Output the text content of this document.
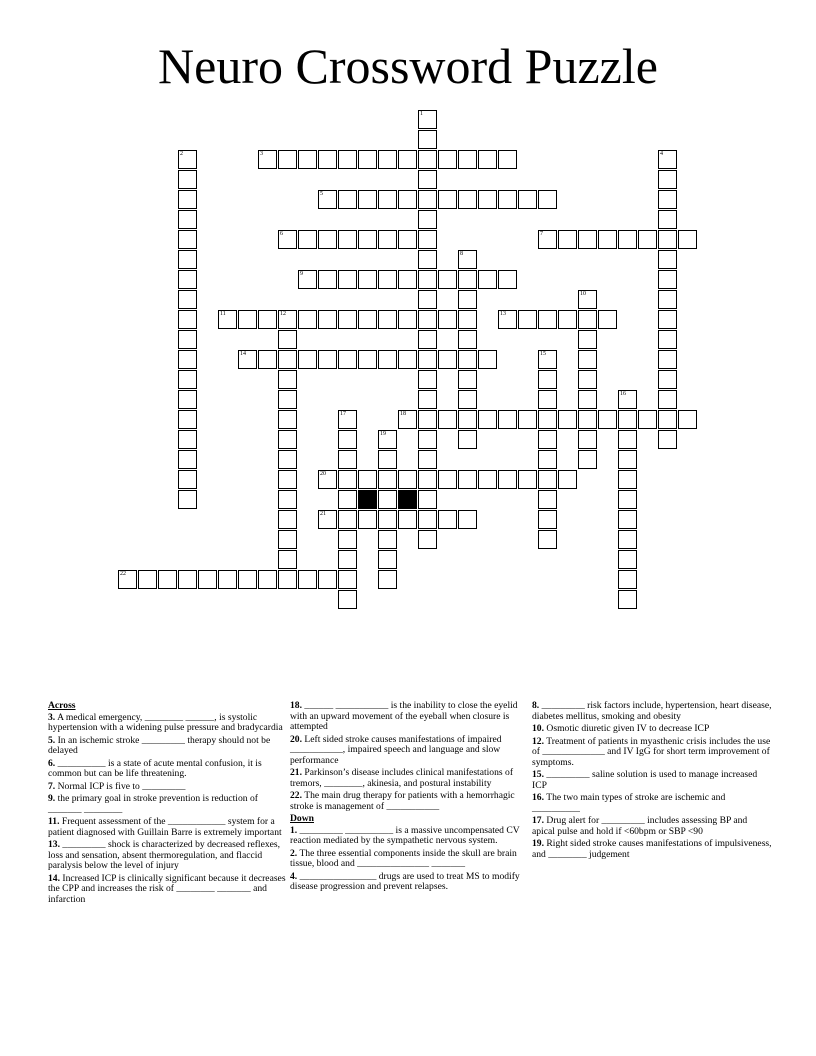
Neuro Crossword Puzzle
1
2	3	4
5
6	7
8
9
10
11	12	13
14	15
16
17	18
19
20
21
22
Across
3. A medical emergency, ________ ______, is systolic hypertension with a widening pulse pressure and bradycardia
5. In an ischemic stroke _________ therapy should not be delayed
6. __________ is a state of acute mental confusion, it is common but can be life threatening.
7. Normal ICP is five to _________
9. the primary goal in stroke prevention is reduction of _______ ________
11. Frequent assessment of the ____________ system for a patient diagnosed with Guillain Barre is extremely important
13. _________ shock is characterized by decreased reflexes, loss and sensation, absent thermoregulation, and flaccid paralysis below the level of injury
14. Increased ICP is clinically significant because it decreases the CPP and increases the risk of ________ _______ and infarction
18. ______ ___________ is the inability to close the eyelid with an upward movement of the eyeball when closure is attempted
20. Left sided stroke causes manifestations of impaired ___________, impaired speech and language and slow performance
21. Parkinson’s disease includes clinical manifestations of tremors, ________, akinesia, and postural instability
22. The main drug therapy for patients with a hemorrhagic stroke is management of ___________
Down
1. _________ __________ is a massive uncompensated CV reaction mediated by the sympathetic nervous system.
2. The three essential components inside the skull are brain tissue, blood and _______________ _______
4. ________________ drugs are used to treat MS to modify disease progression and prevent relapses.
8. _________ risk factors include, hypertension, heart disease, diabetes mellitus, smoking and obesity
10. Osmotic diuretic given IV to decrease ICP
12. Treatment of patients in myasthenic crisis includes the use of _____________ and IV IgG for short term improvement of symptoms.
15. _________ saline solution is used to manage increased ICP
16. The two main types of stroke are ischemic and __________
17. Drug alert for _________ includes assessing BP and apical pulse and hold if <60bpm or SBP <90
19. Right sided stroke causes manifestations of impulsiveness, and ________ judgement
